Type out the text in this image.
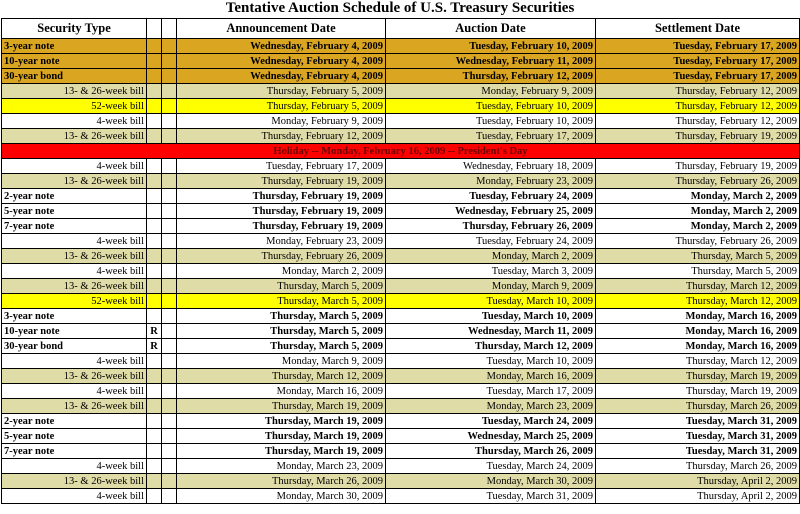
Tentative Auction Schedule of U.S. Treasury Securities
Security Type			Announcement Date	Auction Date	Settlement Date
3-year note			Wednesday, February 4, 2009	Tuesday, February 10, 2009	Tuesday, February 17, 2009
10-year note			Wednesday, February 4, 2009	Wednesday, February 11, 2009	Tuesday, February 17, 2009
30-year bond			Wednesday, February 4, 2009	Thursday, February 12, 2009	Tuesday, February 17, 2009
13- & 26-week bill			Thursday, February 5, 2009	Monday, February 9, 2009	Thursday, February 12, 2009
52-week bill			Thursday, February 5, 2009	Tuesday, February 10, 2009	Thursday, February 12, 2009
4-week bill			Monday, February 9, 2009	Tuesday, February 10, 2009	Thursday, February 12, 2009
13- & 26-week bill			Thursday, February 12, 2009	Tuesday, February 17, 2009	Thursday, February 19, 2009
Holiday -- Monday, February 16, 2009 -- President's Day					
4-week bill			Tuesday, February 17, 2009	Wednesday, February 18, 2009	Thursday, February 19, 2009
13- & 26-week bill			Thursday, February 19, 2009	Monday, February 23, 2009	Thursday, February 26, 2009
2-year note			Thursday, February 19, 2009	Tuesday, February 24, 2009	Monday, March 2, 2009
5-year note			Thursday, February 19, 2009	Wednesday, February 25, 2009	Monday, March 2, 2009
7-year note			Thursday, February 19, 2009	Thursday, February 26, 2009	Monday, March 2, 2009
4-week bill			Monday, February 23, 2009	Tuesday, February 24, 2009	Thursday, February 26, 2009
13- & 26-week bill			Thursday, February 26, 2009	Monday, March 2, 2009	Thursday, March 5, 2009
4-week bill			Monday, March 2, 2009	Tuesday, March 3, 2009	Thursday, March 5, 2009
13- & 26-week bill			Thursday, March 5, 2009	Monday, March 9, 2009	Thursday, March 12, 2009
52-week bill			Thursday, March 5, 2009	Tuesday, March 10, 2009	Thursday, March 12, 2009
3-year note			Thursday, March 5, 2009	Tuesday, March 10, 2009	Monday, March 16, 2009
10-year note	R		Thursday, March 5, 2009	Wednesday, March 11, 2009	Monday, March 16, 2009
30-year bond	R		Thursday, March 5, 2009	Thursday, March 12, 2009	Monday, March 16, 2009
4-week bill			Monday, March 9, 2009	Tuesday, March 10, 2009	Thursday, March 12, 2009
13- & 26-week bill			Thursday, March 12, 2009	Monday, March 16, 2009	Thursday, March 19, 2009
4-week bill			Monday, March 16, 2009	Tuesday, March 17, 2009	Thursday, March 19, 2009
13- & 26-week bill			Thursday, March 19, 2009	Monday, March 23, 2009	Thursday, March 26, 2009
2-year note			Thursday, March 19, 2009	Tuesday, March 24, 2009	Tuesday, March 31, 2009
5-year note			Thursday, March 19, 2009	Wednesday, March 25, 2009	Tuesday, March 31, 2009
7-year note			Thursday, March 19, 2009	Thursday, March 26, 2009	Tuesday, March 31, 2009
4-week bill			Monday, March 23, 2009	Tuesday, March 24, 2009	Thursday, March 26, 2009
13- & 26-week bill			Thursday, March 26, 2009	Monday, March 30, 2009	Thursday, April 2, 2009
4-week bill			Monday, March 30, 2009	Tuesday, March 31, 2009	Thursday, April 2, 2009
